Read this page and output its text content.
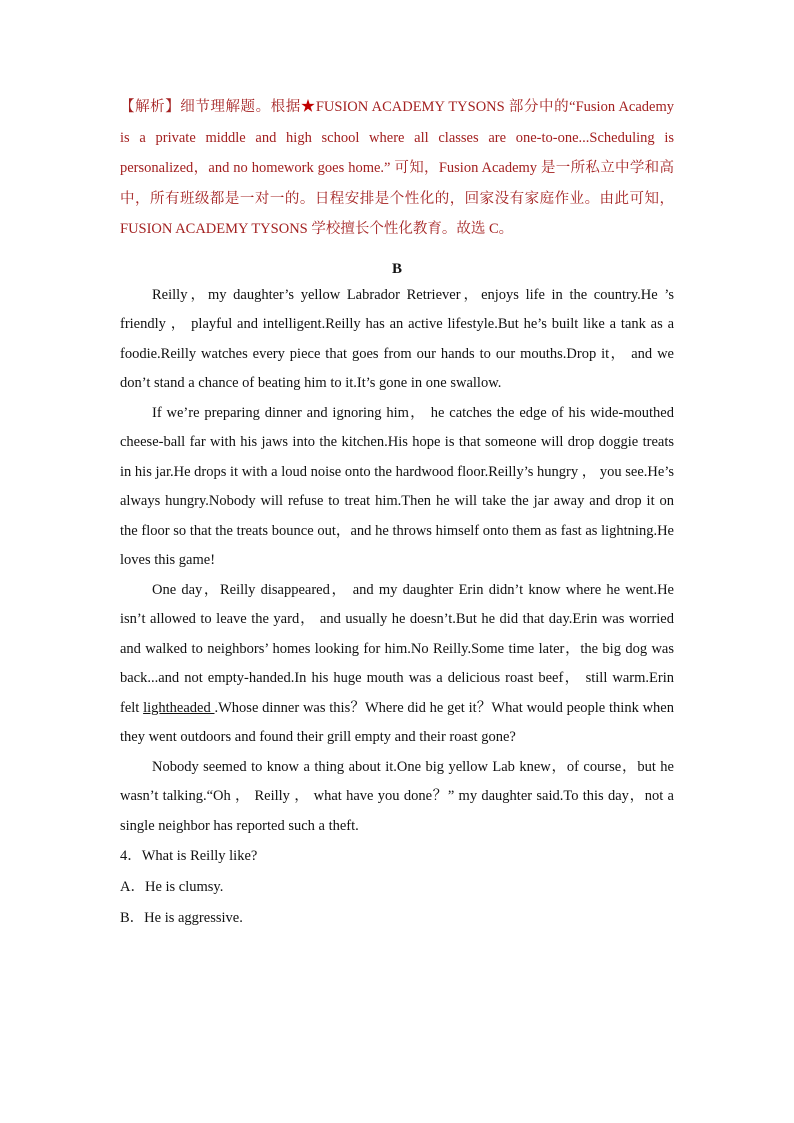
【解析】细节理解题。根据★FUSION ACADEMY TYSONS 部分中的“Fusion Academy is a private middle and high school where all classes are one-to-one...Scheduling is personalized，and no homework goes home.” 可知，Fusion Academy 是一所私立中学和高中，所有班级都是一对一的。日程安排是个性化的，回家没有家庭作业。由此可知，FUSION ACADEMY TYSONS 学校擅长个性化教育。故选 C。
B

Reilly，my daughter’s yellow Labrador Retriever，enjoys life in the country.He ’s friendly ， playful and intelligent.Reilly has an active lifestyle.But he’s built like a tank as a foodie.Reilly watches every piece that goes from our hands to our mouths.Drop it， and we don’t stand a chance of beating him to it.It’s gone in one swallow.

If we’re preparing dinner and ignoring him， he catches the edge of his wide-mouthed cheese-ball far with his jaws into the kitchen.His hope is that someone will drop doggie treats in his jar.He drops it with a loud noise onto the hardwood floor.Reilly’s hungry ， you see.He’s always hungry.Nobody will refuse to treat him.Then he will take the jar away and drop it on the floor so that the treats bounce out，and he throws himself onto them as fast as lightning.He loves this game!

One day，Reilly disappeared， and my daughter Erin didn’t know where he went.He isn’t allowed to leave the yard， and usually he doesn’t.But he did that day.Erin was worried and walked to neighbors’ homes looking for him.No Reilly.Some time later，the big dog was back...and not empty-handed.In his huge mouth was a delicious roast beef， still warm.Erin felt lightheaded .Whose dinner was this？Where did he get it？What would people think when they went outdoors and found their grill empty and their roast gone?

Nobody seemed to know a thing about it.One big yellow Lab knew，of course，but he wasn’t talking.“Oh ， Reilly ， what have you done？” my daughter said.To this day，not a single neighbor has reported such a theft.

4．What is Reilly like?

A．He is clumsy.

B．He is aggressive.
